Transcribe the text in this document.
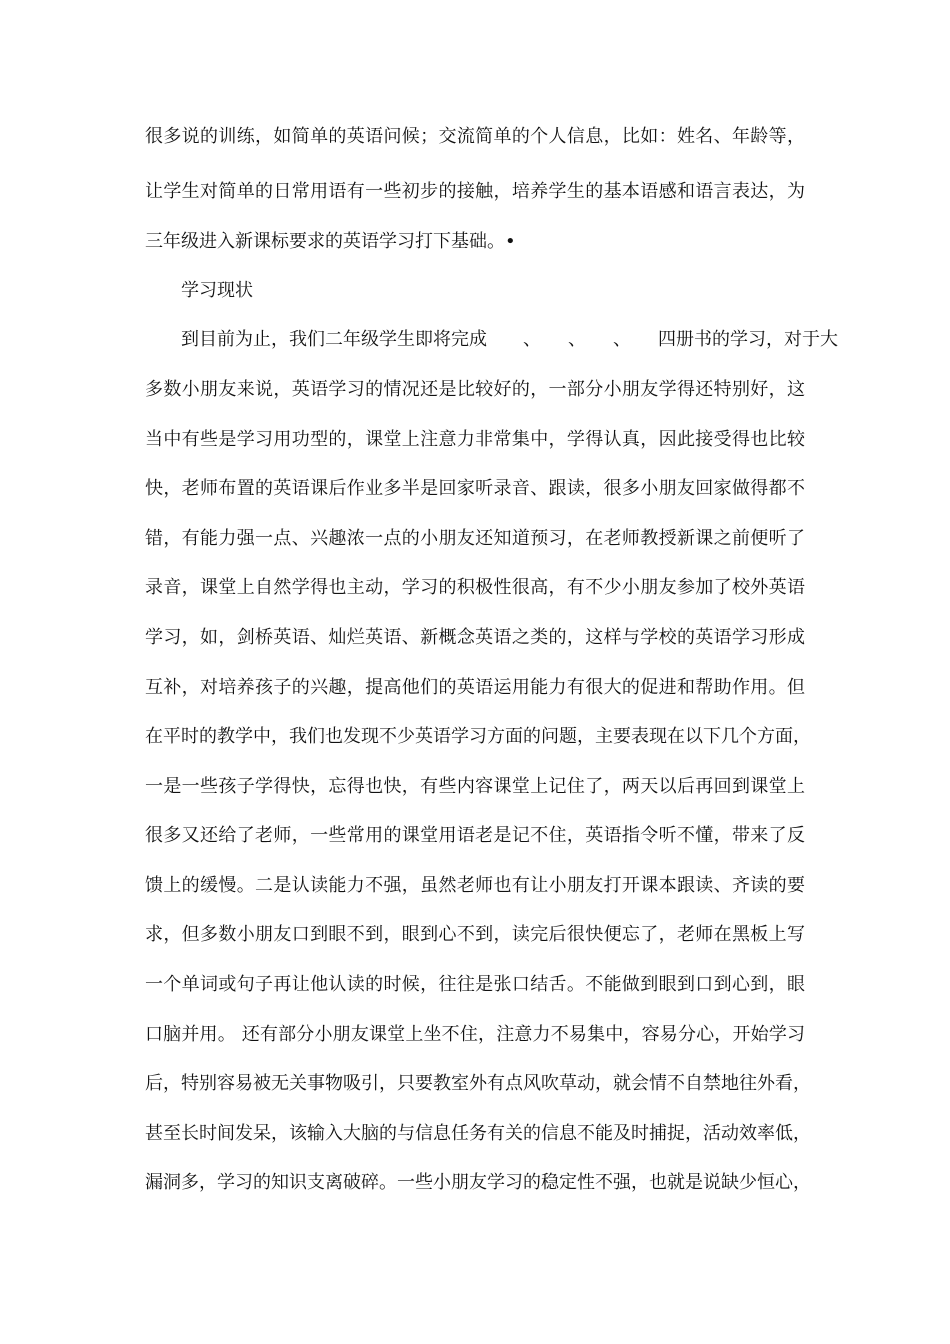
很多说的训练，如简单的英语问候；交流简单的个人信息，比如：姓名、年龄等，
让学生对简单的日常用语有一些初步的接触，培养学生的基本语感和语言表达，为
三年级进入新课标要求的英语学习打下基础。•
学习现状
到目前为止，我们二年级学生即将完成　　、　　、　　、　　四册书的学习，对于大
多数小朋友来说，英语学习的情况还是比较好的，一部分小朋友学得还特别好，这
当中有些是学习用功型的，课堂上注意力非常集中，学得认真，因此接受得也比较
快，老师布置的英语课后作业多半是回家听录音、跟读，很多小朋友回家做得都不
错，有能力强一点、兴趣浓一点的小朋友还知道预习，在老师教授新课之前便听了
录音，课堂上自然学得也主动，学习的积极性很高，有不少小朋友参加了校外英语
学习，如，剑桥英语、灿烂英语、新概念英语之类的，这样与学校的英语学习形成
互补，对培养孩子的兴趣，提高他们的英语运用能力有很大的促进和帮助作用。但
在平时的教学中，我们也发现不少英语学习方面的问题，主要表现在以下几个方面，
一是一些孩子学得快，忘得也快，有些内容课堂上记住了，两天以后再回到课堂上
很多又还给了老师，一些常用的课堂用语老是记不住，英语指令听不懂，带来了反
馈上的缓慢。二是认读能力不强，虽然老师也有让小朋友打开课本跟读、齐读的要
求，但多数小朋友口到眼不到，眼到心不到，读完后很快便忘了，老师在黑板上写
一个单词或句子再让他认读的时候，往往是张口结舌。不能做到眼到口到心到，眼
口脑并用。 还有部分小朋友课堂上坐不住，注意力不易集中，容易分心，开始学习
后，特别容易被无关事物吸引，只要教室外有点风吹草动，就会情不自禁地往外看，
甚至长时间发呆，该输入大脑的与信息任务有关的信息不能及时捕捉，活动效率低，
漏洞多，学习的知识支离破碎。一些小朋友学习的稳定性不强，也就是说缺少恒心，
